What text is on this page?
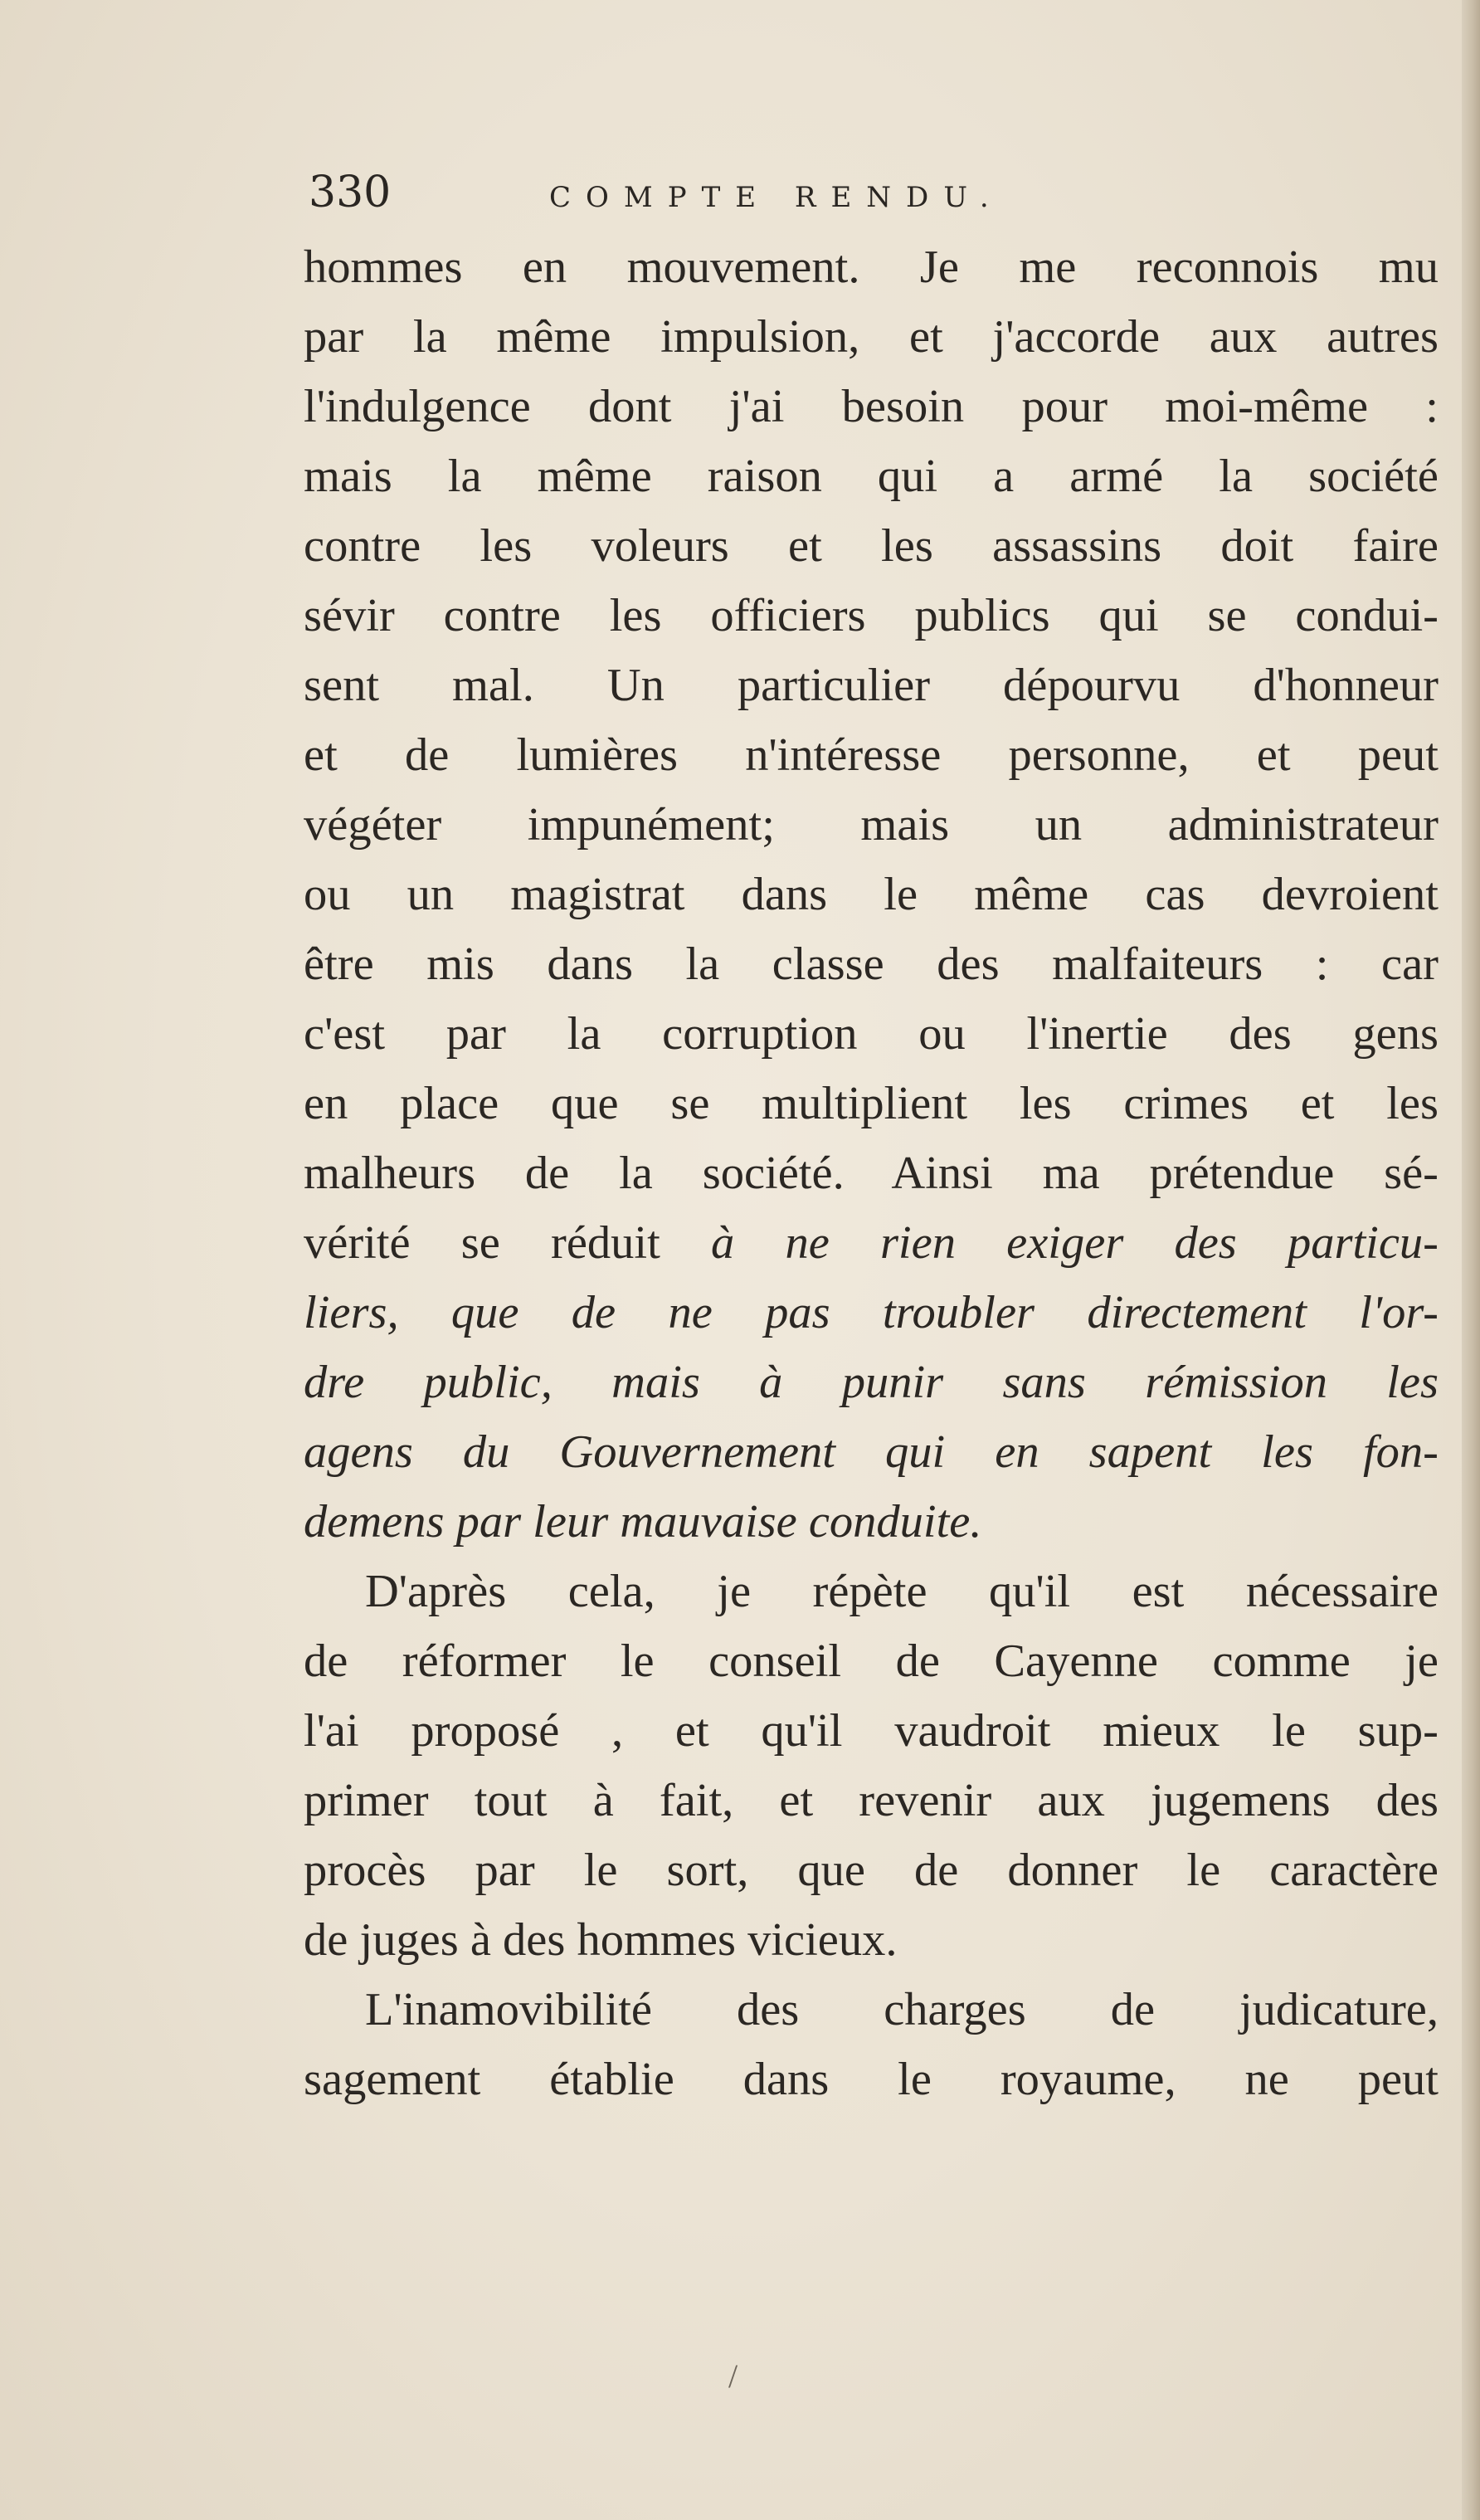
330	COMPTE RENDU.
hommes en mouvement. Je me reconnois mu
par la même impulsion, et j'accorde aux autres
l'indulgence dont j'ai besoin pour moi-même :
mais la même raison qui a armé la société
contre les voleurs et les assassins doit faire
sévir contre les officiers publics qui se condui-
sent mal. Un particulier dépourvu d'honneur
et de lumières n'intéresse personne, et peut
végéter impunément; mais un administrateur
ou un magistrat dans le même cas devroient
être mis dans la classe des malfaiteurs : car
c'est par la corruption ou l'inertie des gens
en place que se multiplient les crimes et les
malheurs de la société. Ainsi ma prétendue sé-
vérité se réduit à ne rien exiger des particu-
liers, que de ne pas troubler directement l'or-
dre public, mais à punir sans rémission les
agens du Gouvernement qui en sapent les fon-
demens par leur mauvaise conduite.
D'après cela, je répète qu'il est nécessaire
de réformer le conseil de Cayenne comme je
l'ai proposé , et qu'il vaudroit mieux le sup-
primer tout à fait, et revenir aux jugemens des
procès par le sort, que de donner le caractère
de juges à des hommes vicieux.
L'inamovibilité des charges de judicature,
sagement établie dans le royaume, ne peut
/
